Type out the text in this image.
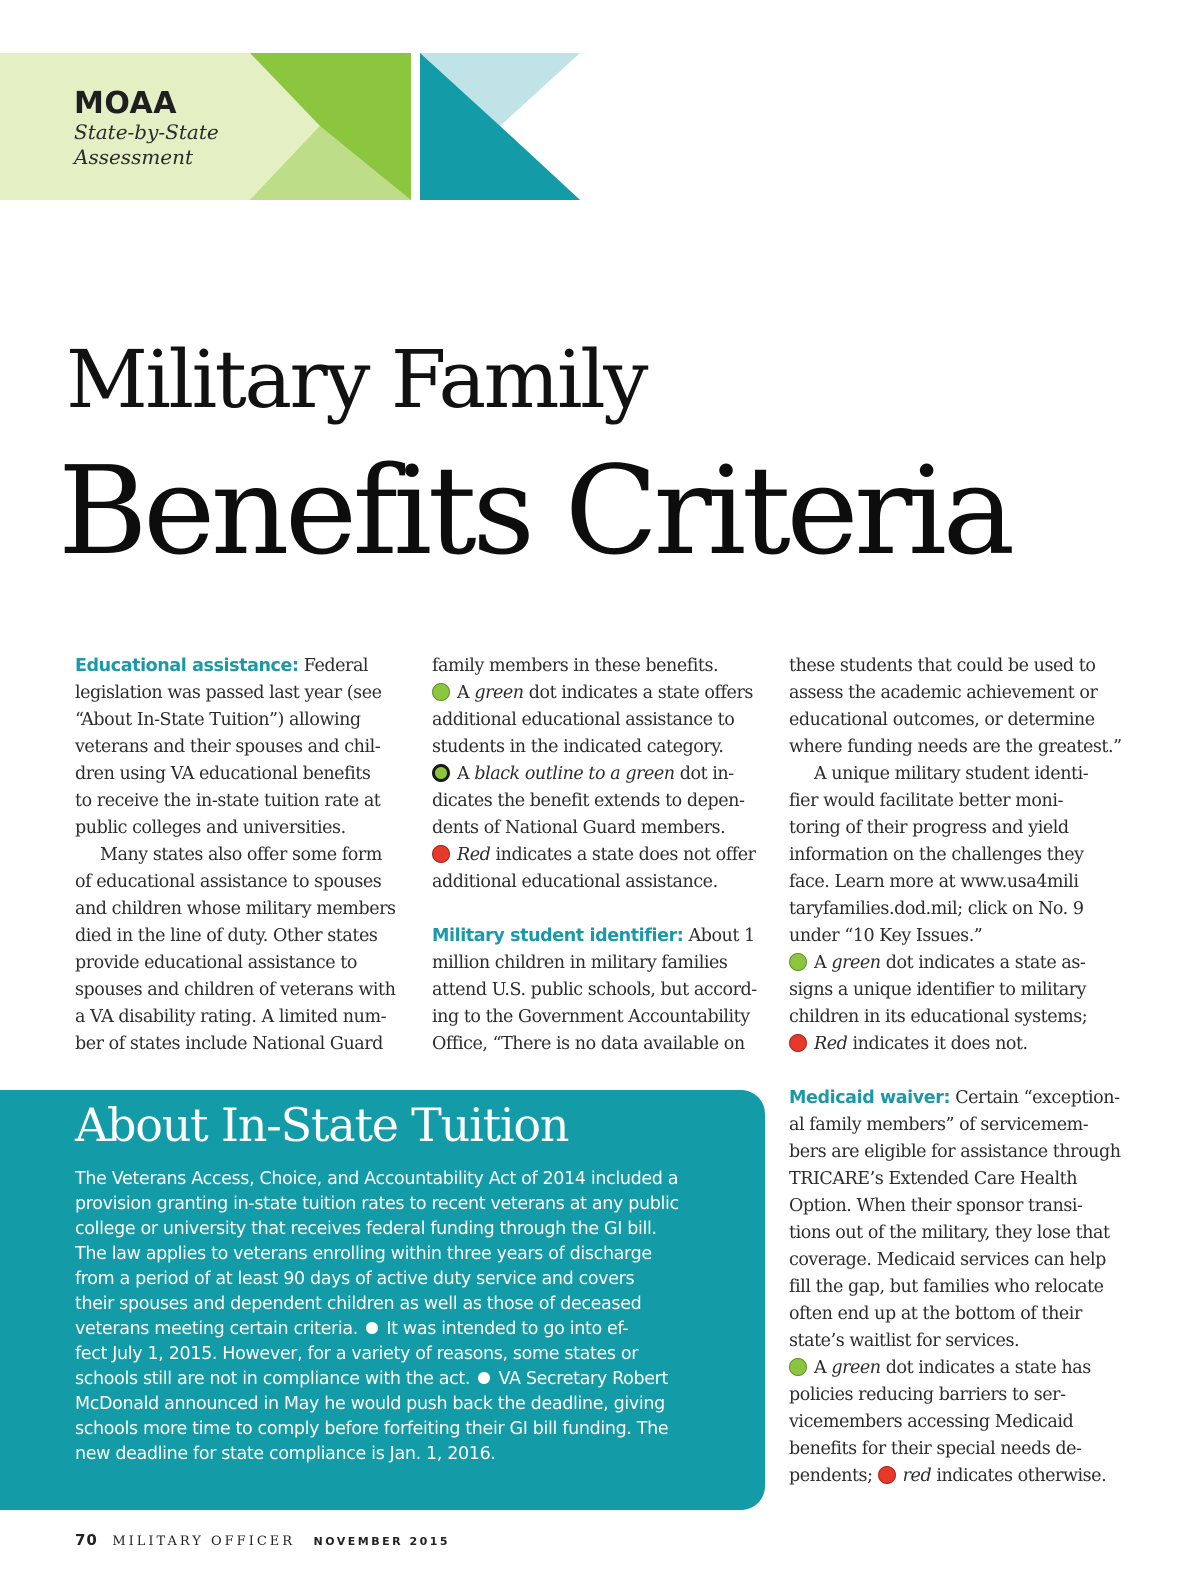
MOAA
State-by-State
Assessment
Military Family
Benefits Criteria
Educational assistance: Federal
legislation was passed last year (see
“About In-State Tuition”) allowing
veterans and their spouses and chil-
dren using VA educational benefits
to receive the in-state tuition rate at
public colleges and universities.
Many states also offer some form
of educational assistance to spouses
and children whose military members
died in the line of duty. Other states
provide educational assistance to
spouses and children of veterans with
a VA disability rating. A limited num-
ber of states include National Guard
family members in these benefits.
A green dot indicates a state offers
additional educational assistance to
students in the indicated category.
A black outline to a green dot in-
dicates the benefit extends to depen-
dents of National Guard members.
Red indicates a state does not offer
additional educational assistance.
Military student identifier: About 1
million children in military families
attend U.S. public schools, but accord-
ing to the Government Accountability
Office, “There is no data available on
these students that could be used to
assess the academic achievement or
educational outcomes, or determine
where funding needs are the greatest.”
A unique military student identi-
fier would facilitate better moni-
toring of their progress and yield
information on the challenges they
face. Learn more at www.usa4mili
taryfamilies.dod.mil; click on No. 9
under “10 Key Issues.”
A green dot indicates a state as-
signs a unique identifier to military
children in its educational systems;
Red indicates it does not.
Medicaid waiver: Certain “exception-
al family members” of servicemem-
bers are eligible for assistance through
TRICARE’s Extended Care Health
Option. When their sponsor transi-
tions out of the military, they lose that
coverage. Medicaid services can help
fill the gap, but families who relocate
often end up at the bottom of their
state’s waitlist for services.
A green dot indicates a state has
policies reducing barriers to ser-
vicemembers accessing Medicaid
benefits for their special needs de-
pendents; red indicates otherwise.
About In-State Tuition
The Veterans Access, Choice, and Accountability Act of 2014 included a
provision granting in-state tuition rates to recent veterans at any public
college or university that receives federal funding through the GI bill.
The law applies to veterans enrolling within three years of discharge
from a period of at least 90 days of active duty service and covers
their spouses and dependent children as well as those of deceased
veterans meeting certain criteria.  It was intended to go into ef-
fect July 1, 2015. However, for a variety of reasons, some states or
schools still are not in compliance with the act.  VA Secretary Robert
McDonald announced in May he would push back the deadline, giving
schools more time to comply before forfeiting their GI bill funding. The
new deadline for state compliance is Jan. 1, 2016.
70 MILITARY OFFICER NOVEMBER 2015
